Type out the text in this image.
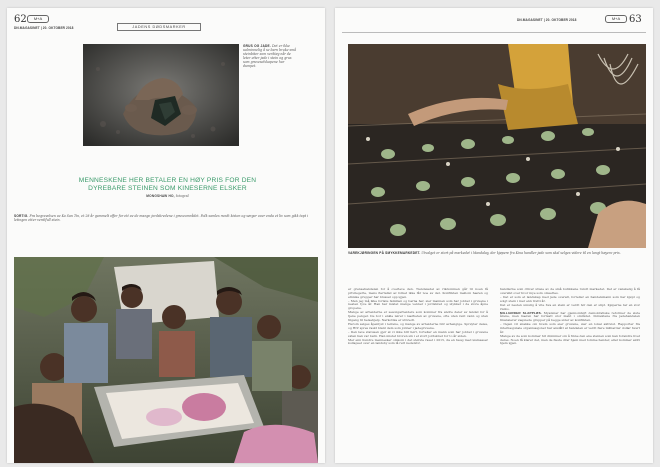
62	M+A
DN.MAGASINET | 20. OKTOBER 2018	JADENS DØDSMARKER
GRUS OG JADE. Det er ikke ualminnelig å se barn bruke små steinbiter som verktøy når de leter etter jade i stein og grus som gruveselskapene har dumpet.
MENNESKENE HER BETALER EN HØY PRIS FOR DEN DYREBARE STEINEN SOM KINESERNE ELSKER
MONGSHAW HO, fotograf
SORTIG. Fra begravelsen av Ko San Tin, et 28 år gammelt offer for ett av de mange jordskredene i gruveområdet. Folk samles rundt kisten og sørger over enda et liv som gikk tapt i letingen etter verdifull stein.
DN.MAGASINET | 20. OKTOBER 2018	M+A 63
VAREKJØRINGEN PÅ SMYKKEMARKEDET. Utvalget er stort på markedet i Mandalay, der kjøpere fra Kina handler jade som skal selges videre til en langt høyere pris.

er grensehandelen for å overleve den. Tiendeiedel av rikdommen går til noen få privilegerte, mens flertallet av folket ikke får noe av det. Konflikten mellom hæren og etniske grupper har blusset opp igjen.

– Men jeg må ikke forlate familien og barna her, sier mannen som har jobbet i gruvene i nesten tyve år. Han har mistet mange venner i jordskred og ulykker i de store åpne gropene.

Mange av arbeiderne er sesongarbeidere som kommer fra andre deler av landet for å tjene penger. De bor i enkle leirer i nærheten av gruvene, ofte uten rent vann og uten tilgang til helsehjelp. Narkotika er utbredt.

Heroin selges åpenlyst i leirene, og mange av arbeiderne blir avhengige. Sprøyter deles, og HIV spres raskt blant dem som jobber i jadegruvene.

– Den lave statusen gjør at vi ikke blir hørt, forteller en mann som har jobbet i gruvene siden han var barn. Han mistet broren sin i et stort jordskred for to år siden.

Mer enn hundre mennesker omkom i det største raset i 2015, da en haug med løsmasser kollapset over en landsby som lå rett nedenfor.

handlerne som driver utleie av de små butikkene rundt markedet. Det er vanskelig å få oversikt over hvor mye som omsettes.

– Det er som et landskap med jade overalt, forteller en handelsmann som har kjøpt og solgt stein i mer enn tretti år.

Det er nesten umulig å vite hva en stein er verdt før den er slipt. Kjøperne tar en stor risiko.

MILLIARDER SLAPPLØS. Myanmar har gjennomført demokratiske reformer de siste årene, men hæren har fortsatt stor makt i området. Inntektene fra jadehandelen finansierer væpnede grupper på begge sider av konflikten.

– Ingen vil snakke om hvem som eier gruvene, sier en lokal aktivist. Rapporter fra internasjonale organisasjoner har anslått at handelen er verdt flere milliarder dollar hvert år.

Mange av de som kommer hit drømmer om å finne den ene steinen som kan forandre livet deres. Noen få klarer det, men de fleste drar hjem med tomme hender, eller kommer aldri hjem igjen.
